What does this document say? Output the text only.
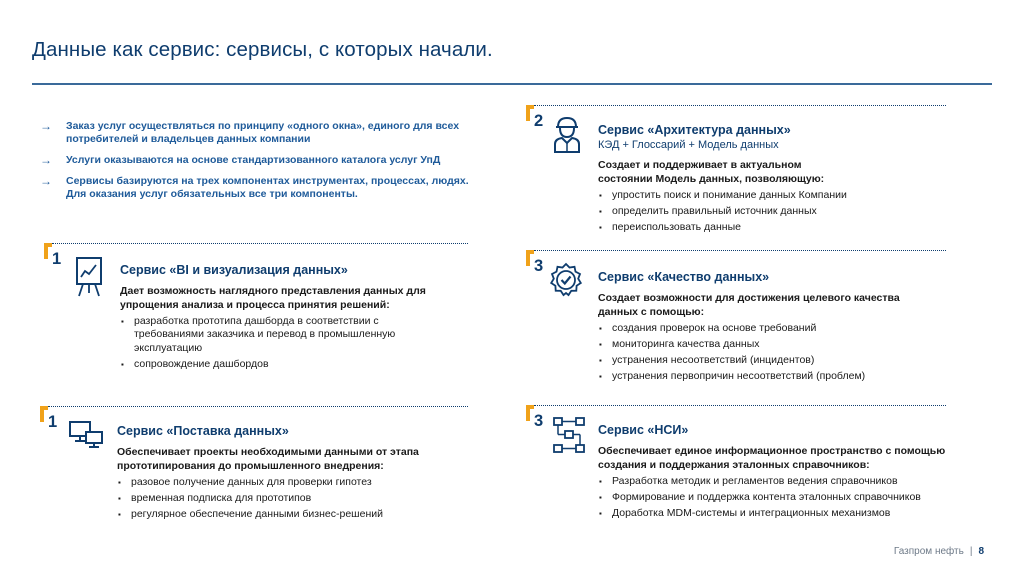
Данные как сервис: сервисы, с которых начали.
→ Заказ услуг осуществляться по принципу «одного окна», единого для всех потребителей и владельцев данных компании
→ Услуги оказываются на основе стандартизованного каталога услуг УпД
→ Сервисы базируются на трех компонентах инструментах, процессах, людях. Для оказания услуг обязательных все три компоненты.
1
Сервис «BI и визуализация данных»
Дает возможность наглядного представления данных для упрощения анализа и процесса принятия решений:
▪ разработка прототипа дашборда в соответствии с требованиями заказчика и перевод в промышленную эксплуатацию
▪ сопровождение дашбордов
1	Сервис «Поставка данных»
Обеспечивает проекты необходимыми данными от этапа прототипирования до промышленного внедрения:
▪ разовое получение данных для проверки гипотез
▪ временная подписка для прототипов
▪ регулярное обеспечение данными бизнес-решений
2	Сервис «Архитектура данных»
КЭД + Глоссарий + Модель данных
Создает и поддерживает в актуальном состоянии Модель данных, позволяющую:
▪ упростить поиск и понимание данных Компании
▪ определить правильный источник данных
▪ переиспользовать данные
3
Сервис «Качество данных»
Создает возможности для достижения целевого качества данных с помощью:
▪ создания проверок на основе требований
▪ мониторинга качества данных
▪ устранения несоответствий (инцидентов)
▪ устранения первопричин несоответствий (проблем)
3	Сервис «НСИ»
Обеспечивает единое информационное пространство с помощью создания и поддержания эталонных справочников:
▪ Разработка методик и регламентов ведения справочников
▪ Формирование и поддержка контента эталонных справочников
▪ Доработка MDM-системы и интеграционных механизмов
Газпром нефть | 8
